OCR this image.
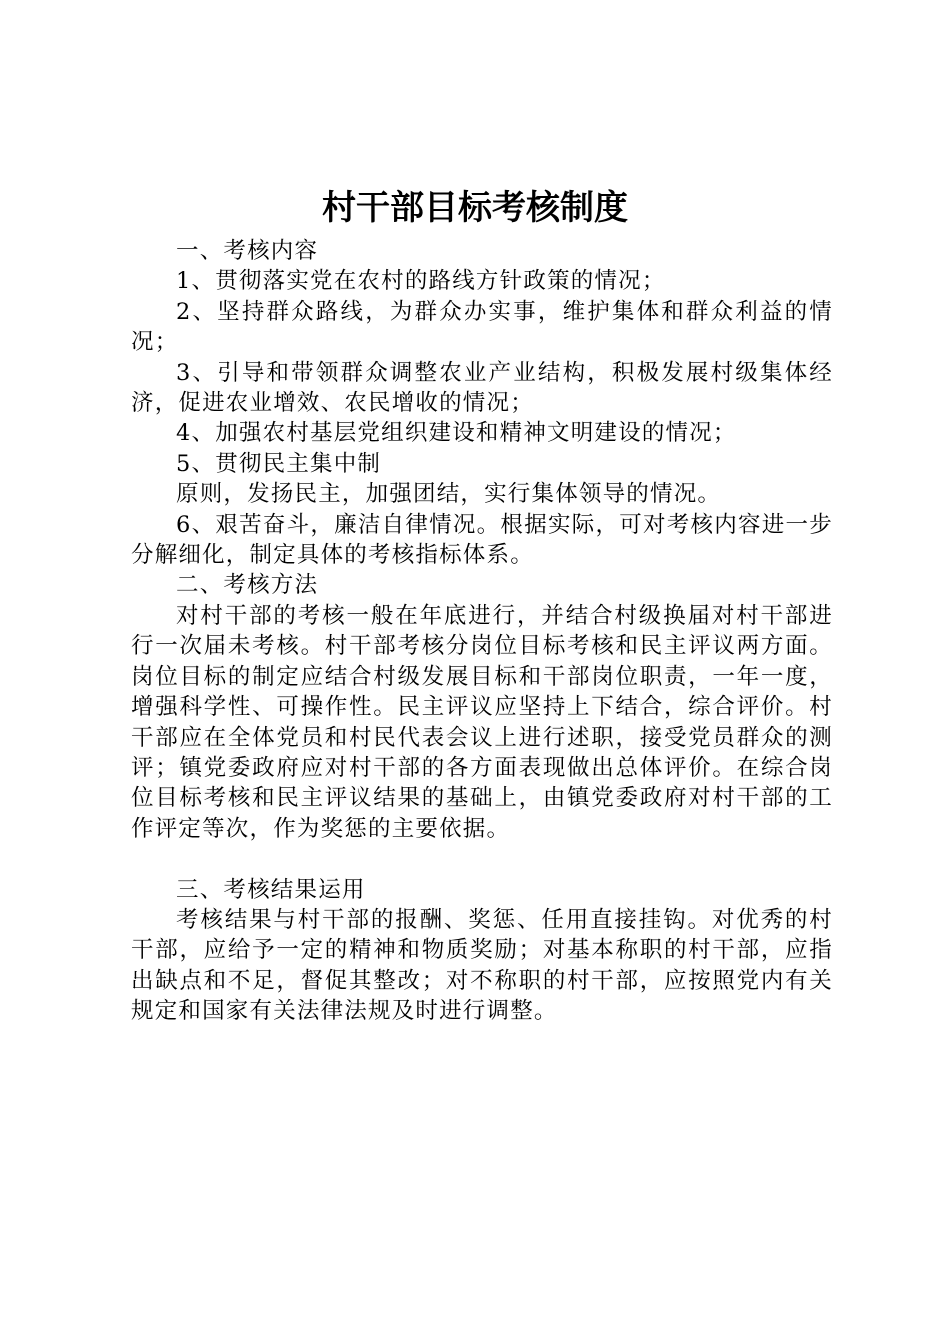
村干部目标考核制度

一、考核内容

1、贯彻落实党在农村的路线方针政策的情况；

2、坚持群众路线，为群众办实事，维护集体和群众利益的情况；

3、引导和带领群众调整农业产业结构，积极发展村级集体经济，促进农业增效、农民增收的情况；

4、加强农村基层党组织建设和精神文明建设的情况；

5、贯彻民主集中制

原则，发扬民主，加强团结，实行集体领导的情况。

6、艰苦奋斗，廉洁自律情况。根据实际，可对考核内容进一步分解细化，制定具体的考核指标体系。

二、考核方法

对村干部的考核一般在年底进行，并结合村级换届对村干部进行一次届未考核。村干部考核分岗位目标考核和民主评议两方面。岗位目标的制定应结合村级发展目标和干部岗位职责，一年一度，增强科学性、可操作性。民主评议应坚持上下结合，综合评价。村干部应在全体党员和村民代表会议上进行述职，接受党员群众的测评；镇党委政府应对村干部的各方面表现做出总体评价。在综合岗位目标考核和民主评议结果的基础上，由镇党委政府对村干部的工作评定等次，作为奖惩的主要依据。

三、考核结果运用

考核结果与村干部的报酬、奖惩、任用直接挂钩。对优秀的村干部，应给予一定的精神和物质奖励；对基本称职的村干部，应指出缺点和不足，督促其整改；对不称职的村干部，应按照党内有关规定和国家有关法律法规及时进行调整。
